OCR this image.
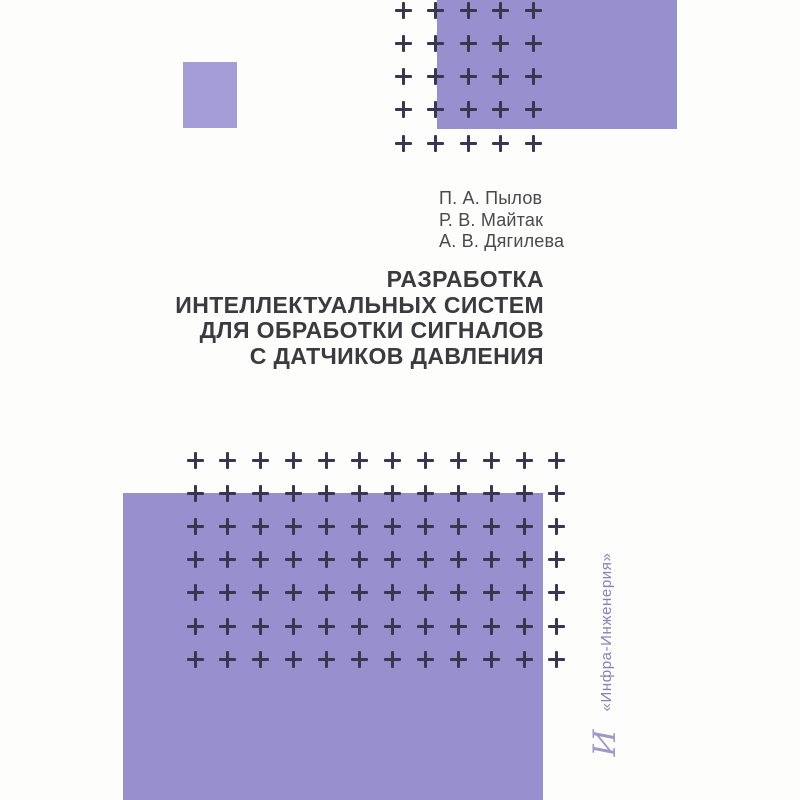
П. А. Пылов
Р. В. Майтак
А. В. Дягилева
РАЗРАБОТКА
ИНТЕЛЛЕКТУАЛЬНЫХ СИСТЕМ
ДЛЯ ОБРАБОТКИ СИГНАЛОВ
С ДАТЧИКОВ ДАВЛЕНИЯ
«Инфра-Инженерия»
И
